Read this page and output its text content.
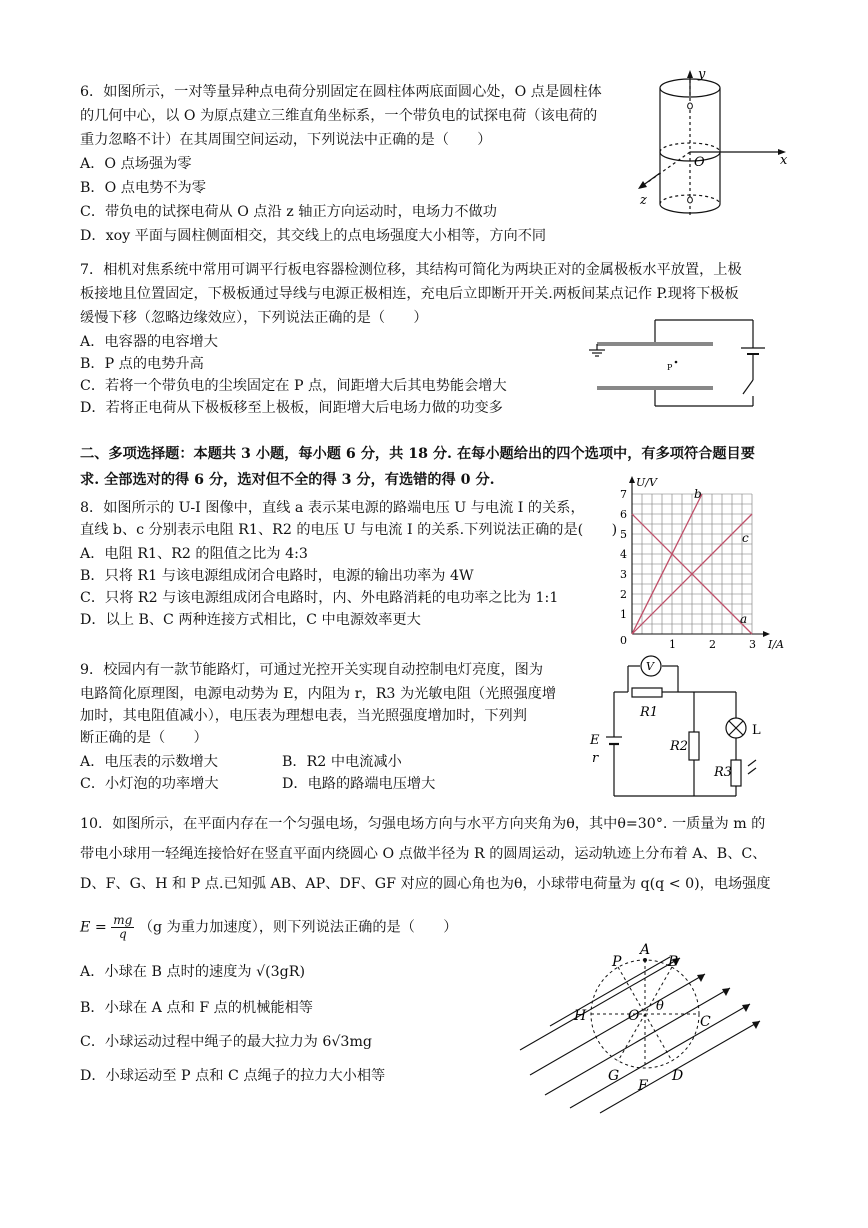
6．如图所示，一对等量异种点电荷分别固定在圆柱体两底面圆心处，O 点是圆柱体
的几何中心，以 O 为原点建立三维直角坐标系，一个带负电的试探电荷（该电荷的
重力忽略不计）在其周围空间运动，下列说法中正确的是（　　）
A．O 点场强为零
B．O 点电势不为零
C．带负电的试探电荷从 O 点沿 z 轴正方向运动时，电场力不做功
D．xoy 平面与圆柱侧面相交，其交线上的点电场强度大小相等，方向不同
y
x
z
O
7．相机对焦系统中常用可调平行板电容器检测位移，其结构可简化为两块正对的金属极板水平放置，上极
板接地且位置固定，下极板通过导线与电源正极相连，充电后立即断开开关.两板间某点记作 P.现将下极板
缓慢下移（忽略边缘效应），下列说法正确的是（　　）
A．电容器的电容增大
B．P 点的电势升高
C．若将一个带负电的尘埃固定在 P 点，间距增大后其电势能会增大
D．若将正电荷从下极板移至上极板，间距增大后电场力做的功变多
P
二、多项选择题：本题共 3 小题，每小题 6 分，共 18 分. 在每小题给出的四个选项中，有多项符合题目要
求. 全部选对的得 6 分，选对但不全的得 3 分，有选错的得 0 分.
8．如图所示的 U-I 图像中，直线 a 表示某电源的路端电压 U 与电流 I 的关系，
直线 b、c 分别表示电阻 R1、R2 的电压 U 与电流 I 的关系.下列说法正确的是(　　)
A．电阻 R1、R2 的阻值之比为 4:3
B．只将 R1 与该电源组成闭合电路时，电源的输出功率为 4W
C．只将 R2 与该电源组成闭合电路时，内、外电路消耗的电功率之比为 1:1
D．以上 B、C 两种连接方式相比，C 中电源效率更大
b
c
a
1
2
3
4
5
6
7
1	2	3
0
U/V
I/A
9．校园内有一款节能路灯，可通过光控开关实现自动控制电灯亮度，图为
电路简化原理图，电源电动势为 E，内阻为 r，R3 为光敏电阻（光照强度增
加时，其电阻值减小），电压表为理想电表，当光照强度增加时，下列判
断正确的是（　　）
A．电压表的示数增大	B．R2 中电流减小
C．小灯泡的功率增大	D．电路的路端电压增大
V
R1
R2
R3
L
E
r
10．如图所示，在平面内存在一个匀强电场，匀强电场方向与水平方向夹角为θ，其中θ=30°. 一质量为 m 的
带电小球用一轻绳连接恰好在竖直平面内绕圆心 O 点做半径为 R 的圆周运动，运动轨迹上分布着 A、B、C、
D、F、G、H 和 P 点.已知弧 AB、AP、DF、GF 对应的圆心角也为θ，小球带电荷量为 q(q < 0)，电场强度
$E = \frac{mg}{q} (g$ 为重力加速度），则下列说法正确的是（　　）
A．小球在 B 点时的速度为 √(3gR)
B．小球在 A 点和 F 点的机械能相等
C．小球运动过程中绳子的最大拉力为 6√3mg
D．小球运动至 P 点和 C 点绳子的拉力大小相等
P
A
B
H	O
θ
C
G
F
D
